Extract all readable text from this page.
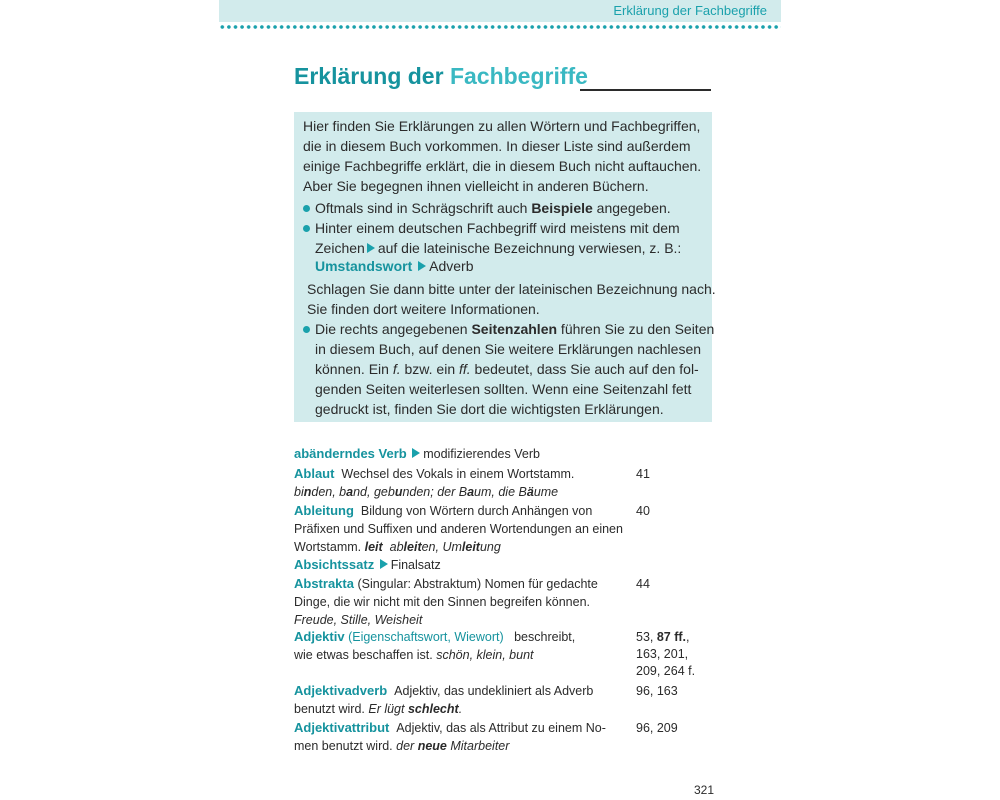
Erklärung der Fachbegriffe
Erklärung der Fachbegriffe
Hier finden Sie Erklärungen zu allen Wörtern und Fachbegriffen,
die in diesem Buch vorkommen. In dieser Liste sind außerdem
einige Fachbegriffe erklärt, die in diesem Buch nicht auftauchen.
Aber Sie begegnen ihnen vielleicht in anderen Büchern.
Oftmals sind in Schrägschrift auch Beispiele angegeben.
Hinter einem deutschen Fachbegriff wird meistens mit dem
Zeichen auf die lateinische Bezeichnung verwiesen, z. B.:
Umstandswort Adverb
Schlagen Sie dann bitte unter der lateinischen Bezeichnung nach.
Sie finden dort weitere Informationen.
Die rechts angegebenen Seitenzahlen führen Sie zu den Seiten
in diesem Buch, auf denen Sie weitere Erklärungen nachlesen
können. Ein f. bzw. ein ff. bedeutet, dass Sie auch auf den fol-
genden Seiten weiterlesen sollten. Wenn eine Seitenzahl fett
gedruckt ist, finden Sie dort die wichtigsten Erklärungen.
abänderndes Verb modifizierendes Verb
Ablaut Wechsel des Vokals in einem Wortstamm.
binden, band, gebunden; der Baum, die Bäume
41
Ableitung Bildung von Wörtern durch Anhängen von
Präfixen und Suffixen und anderen Wortendungen an einen
Wortstamm. leit ableiten, Umleitung
40
Absichtssatz Finalsatz
Abstrakta (Singular: Abstraktum) Nomen für gedachte
Dinge, die wir nicht mit den Sinnen begreifen können.
Freude, Stille, Weisheit
44
Adjektiv (Eigenschaftswort, Wiewort) beschreibt,
wie etwas beschaffen ist. schön, klein, bunt
53, 87 ff.,
163, 201,
209, 264 f.
Adjektivadverb Adjektiv, das undekliniert als Adverb
benutzt wird. Er lügt schlecht.
96, 163
Adjektivattribut Adjektiv, das als Attribut zu einem No-
men benutzt wird. der neue Mitarbeiter
96, 209
321
